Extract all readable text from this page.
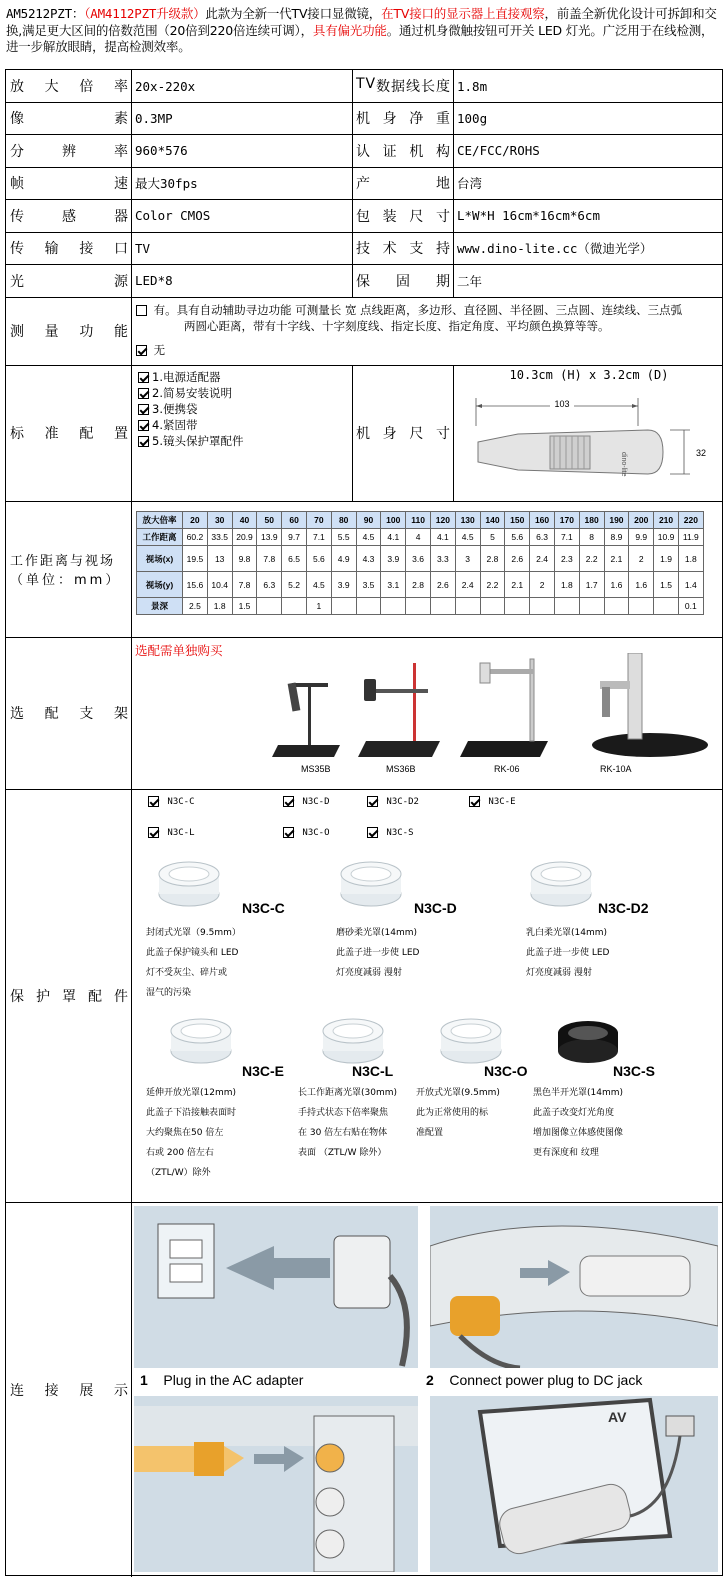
AM5212PZT：（AM4112PZT升级款）此款为全新一代TV接口显微镜，在TV接口的显示器上直接观察，前盖全新优化设计可拆卸和交换,满足更大区间的倍数范围（20倍到220倍连续可调），具有偏光功能。通过机身微触按钮可开关 LED 灯光。广泛用于在线检测，进一步解放眼睛，提高检测效率。
放 大 倍 率 20x-220x	T V 数 据 线 长 度 1.8m
像	素 0.3MP	机 身 净 重 100g
分	辨	率 960*576	认 证 机 构 CE/FCC/ROHS
帧	速 最大30fps	产	地 台湾
传	感	器 Color CMOS	包 装 尺 寸 L*W*H 16cm*16cm*6cm
传 输 接 口 TV	技 术 支 持 www.dino-lite.cc（微迪光学）
光	源 LED*8	保 固 期 二年
测 量 功 能
有。具有自动辅助寻边功能 可测量长 宽 点线距离，多边形、直径圆、半径圆、三点圆、连续线、三点弧
两圆心距离，带有十字线、十字刻度线、指定长度、指定角度、平均颜色换算等等。
无
标 准 配 置
1.电源适配器
2.简易安装说明
3.便携袋
4.紧固带
5.镜头保护罩配件	机 身 尺 寸
10.3cm (H) x 3.2cm (D)
103
dino-lite	32
工作距离与视场
（单位：mm）
放大倍率	20	30	40	50	60	70	80	90	100	110	120	130	140	150	160	170	180	190	200	210	220
工作距离	60.2	33.5	20.9	13.9	9.7	7.1	5.5	4.5	4.1	4	4.1	4.5	5	5.6	6.3	7.1	8	8.9	9.9	10.9	11.9
视场(x)	19.5	13	9.8	7.8	6.5	5.6	4.9	4.3	3.9	3.6	3.3	3	2.8	2.6	2.4	2.3	2.2	2.1	2	1.9	1.8
视场(y)	15.6	10.4	7.8	6.3	5.2	4.5	3.9	3.5	3.1	2.8	2.6	2.4	2.2	2.1	2	1.8	1.7	1.6	1.6	1.5	1.4
景深	2.5	1.8	1.5			1															0.1
选 配 支 架
选配需单独购买
MS35B	MS36B	RK-06	RK-10A
保 护 罩 配 件
N3C-C	N3C-D	N3C-D2	N3C-E
N3C-L	N3C-O	N3C-S
N3C-C
封闭式光罩（9.5mm）
此盖子保护镜头和 LED
灯不受灰尘、碎片或
湿气的污染
N3C-D
磨砂柔光罩(14mm)
此盖子进一步使 LED
灯亮度减弱 漫射
N3C-D2
乳白柔光罩(14mm)
此盖子进一步使 LED
灯亮度减弱 漫射
N3C-E
延伸开放光罩(12mm)
此盖子下沿接触表面时
大约聚焦在50 倍左
右或 200 倍左右
（ZTL/W）除外
N3C-L
长工作距离光罩(30mm)
手持式状态下倍率聚焦
在 30 倍左右贴在物体
表面 （ZTL/W 除外）
N3C-O
开放式光罩(9.5mm)
此为正常使用的标
准配置
N3C-S
黑色半开光罩(14mm)
此盖子改变灯光角度
增加图像立体感使图像
更有深度和 纹理
连 接 展 示
1 Plug in the AC adapter	2 Connect power plug to DC jack
AV
